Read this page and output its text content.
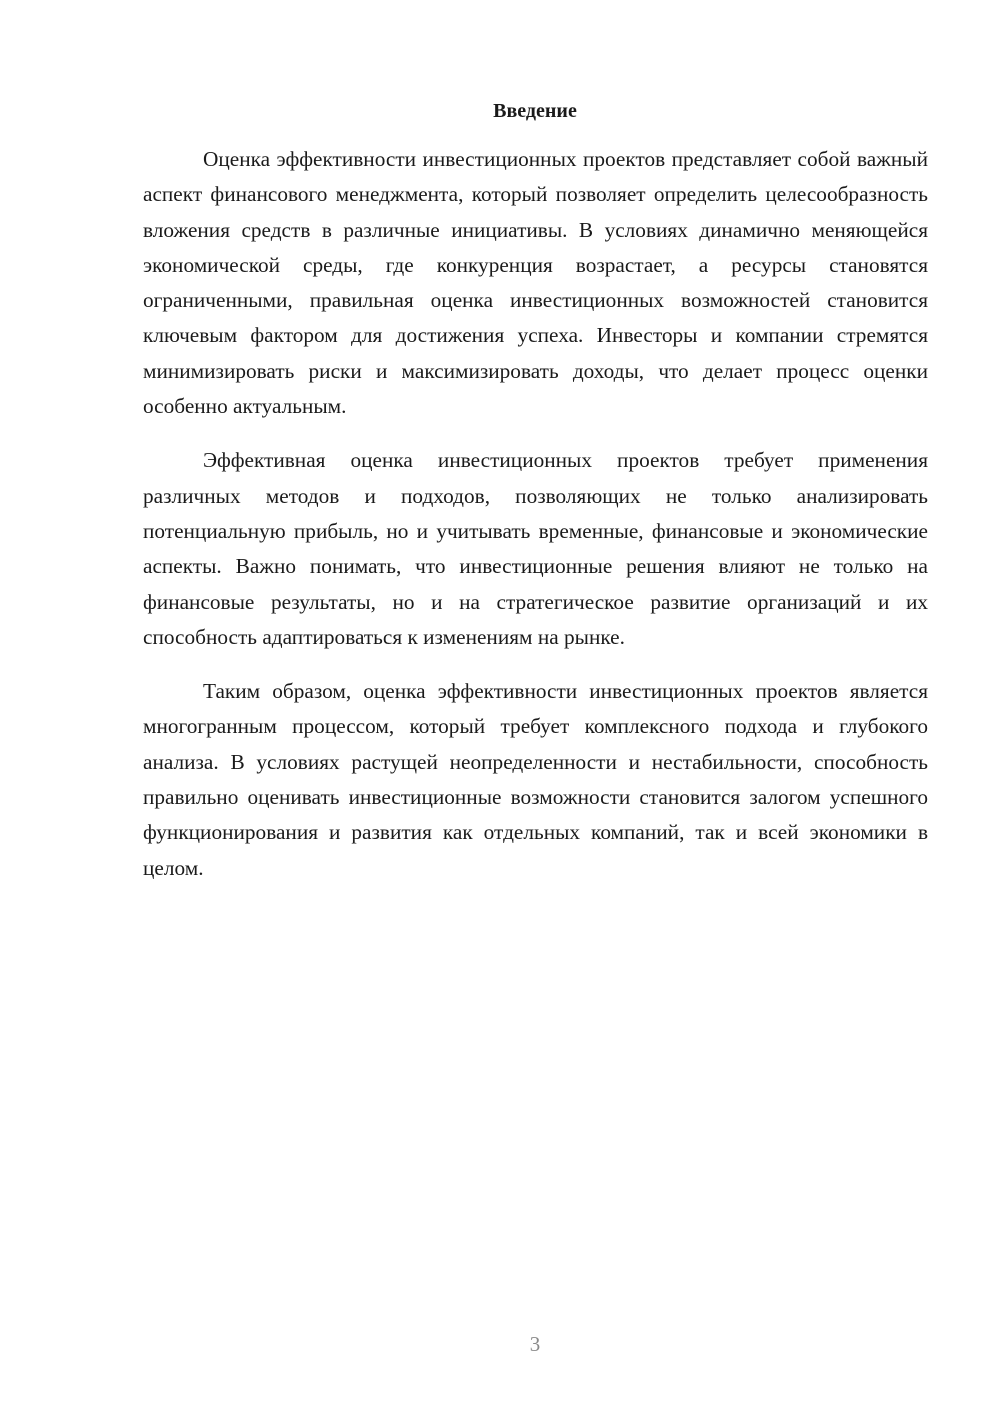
Введение

Оценка эффективности инвестиционных проектов представляет собой важный аспект финансового менеджмента, который позволяет определить целесообразность вложения средств в различные инициативы. В условиях динамично меняющейся экономической среды, где конкуренция возрастает, а ресурсы становятся ограниченными, правильная оценка инвестиционных возможностей становится ключевым фактором для достижения успеха. Инвесторы и компании стремятся минимизировать риски и максимизировать доходы, что делает процесс оценки особенно актуальным.

Эффективная оценка инвестиционных проектов требует применения различных методов и подходов, позволяющих не только анализировать потенциальную прибыль, но и учитывать временные, финансовые и экономические аспекты. Важно понимать, что инвестиционные решения влияют не только на финансовые результаты, но и на стратегическое развитие организаций и их способность адаптироваться к изменениям на рынке.

Таким образом, оценка эффективности инвестиционных проектов является многогранным процессом, который требует комплексного подхода и глубокого анализа. В условиях растущей неопределенности и нестабильности, способность правильно оценивать инвестиционные возможности становится залогом успешного функционирования и развития как отдельных компаний, так и всей экономики в целом.

3
